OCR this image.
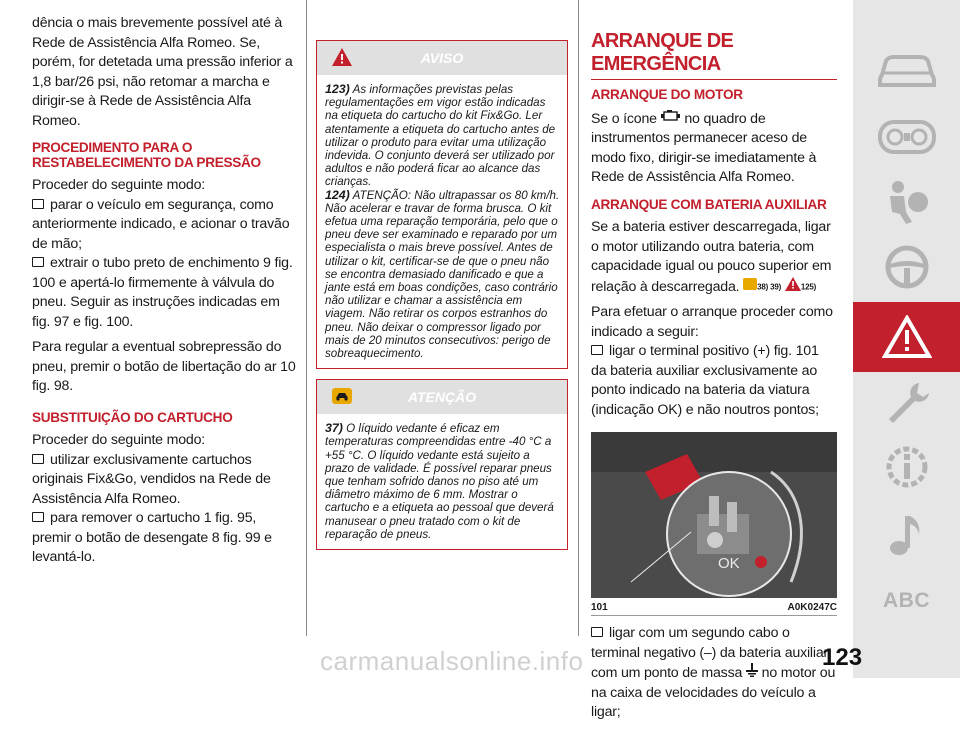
dência o mais brevemente possível até à Rede de Assistência Alfa Romeo. Se, porém, for detetada uma pressão inferior a 1,8 bar/26 psi, não retomar a marcha e dirigir-se à Rede de Assistência Alfa Romeo.

PROCEDIMENTO PARA O RESTABELECIMENTO DA PRESSÃO

Proceder do seguinte modo:
parar o veículo em segurança, como anteriormente indicado, e acionar o travão de mão;
extrair o tubo preto de enchimento 9 fig. 100 e apertá-lo firmemente à válvula do pneu. Seguir as instruções indicadas em fig. 97 e fig. 100.

Para regular a eventual sobrepressão do pneu, premir o botão de libertação do ar 10 fig. 98.

SUBSTITUIÇÃO DO CARTUCHO

Proceder do seguinte modo:
utilizar exclusivamente cartuchos originais Fix&Go, vendidos na Rede de Assistência Alfa Romeo.
para remover o cartucho 1 fig. 95, premir o botão de desengate 8 fig. 99 e levantá-lo.

AVISO

123) As informações previstas pelas regulamentações em vigor estão indicadas na etiqueta do cartucho do kit Fix&Go. Ler atentamente a etiqueta do cartucho antes de utilizar o produto para evitar uma utilização indevida. O conjunto deverá ser utilizado por adultos e não poderá ficar ao alcance das crianças.

124) ATENÇÃO: Não ultrapassar os 80 km/h. Não acelerar e travar de forma brusca. O kit efetua uma reparação temporária, pelo que o pneu deve ser examinado e reparado por um especialista o mais breve possível. Antes de utilizar o kit, certificar-se de que o pneu não se encontra demasiado danificado e que a jante está em boas condições, caso contrário não utilizar e chamar a assistência em viagem. Não retirar os corpos estranhos do pneu. Não deixar o compressor ligado por mais de 20 minutos consecutivos: perigo de sobreaquecimento.

ATENÇÃO

37) O líquido vedante é eficaz em temperaturas compreendidas entre -40 °C a +55 °C. O líquido vedante está sujeito a prazo de validade. É possível reparar pneus que tenham sofrido danos no piso até um diâmetro máximo de 6 mm. Mostrar o cartucho e a etiqueta ao pessoal que deverá manusear o pneu tratado com o kit de reparação de pneus.

ARRANQUE DE EMERGÊNCIA
ARRANQUE DO MOTOR

Se o ícone no quadro de instrumentos permanecer aceso de modo fixo, dirigir-se imediatamente à Rede de Assistência Alfa Romeo.

ARRANQUE COM BATERIA AUXILIAR

Se a bateria estiver descarregada, ligar o motor utilizando outra bateria, com capacidade igual ou pouco superior em relação à descarregada. 38) 39) 125)

Para efetuar o arranque proceder como indicado a seguir:
ligar o terminal positivo (+) fig. 101 da bateria auxiliar exclusivamente ao ponto indicado na bateria da viatura (indicação OK) e não noutros pontos;

OK
101	A0K0247C

ligar com um segundo cabo o terminal negativo (–) da bateria auxiliar com um ponto de massa no motor ou na caixa de velocidades do veículo a ligar;

ABC
carmanualsonline.info	123
